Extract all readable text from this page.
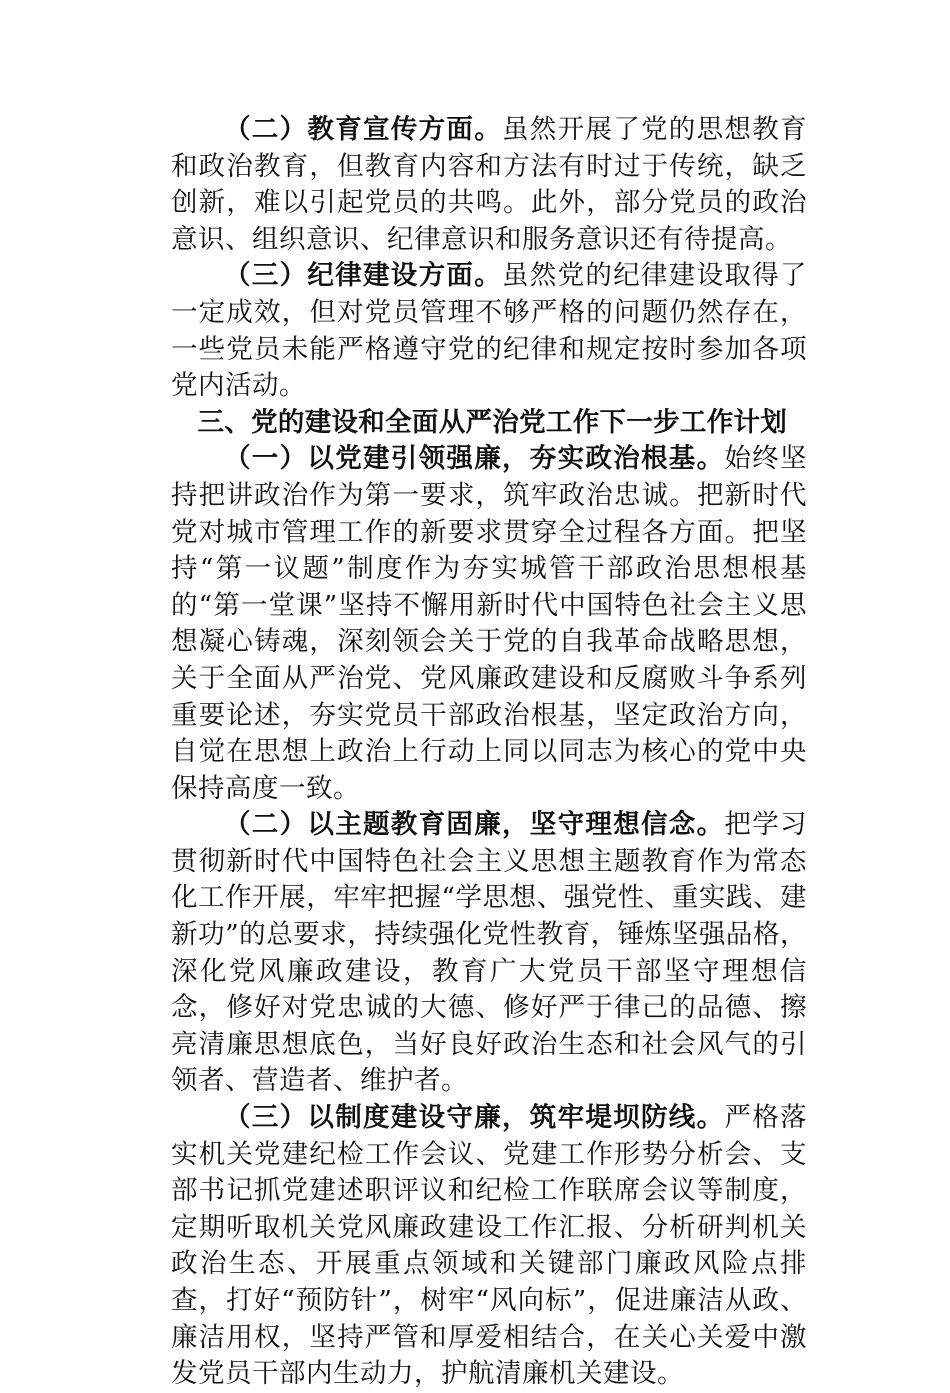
（二）教育宣传方面。虽然开展了党的思想教育和政治教育，但教育内容和方法有时过于传统，缺乏创新，难以引起党员的共鸣。此外，部分党员的政治意识、组织意识、纪律意识和服务意识还有待提高。

（三）纪律建设方面。虽然党的纪律建设取得了一定成效，但对党员管理不够严格的问题仍然存在，一些党员未能严格遵守党的纪律和规定按时参加各项党内活动。

三、党的建设和全面从严治党工作下一步工作计划

（一）以党建引领强廉，夯实政治根基。始终坚持把讲政治作为第一要求，筑牢政治忠诚。把新时代党对城市管理工作的新要求贯穿全过程各方面。把坚持“第一议题”制度作为夯实城管干部政治思想根基的“第一堂课”坚持不懈用新时代中国特色社会主义思想凝心铸魂，深刻领会关于党的自我革命战略思想，关于全面从严治党、党风廉政建设和反腐败斗争系列重要论述，夯实党员干部政治根基，坚定政治方向，自觉在思想上政治上行动上同以同志为核心的党中央保持高度一致。

（二）以主题教育固廉，坚守理想信念。把学习贯彻新时代中国特色社会主义思想主题教育作为常态化工作开展，牢牢把握“学思想、强党性、重实践、建新功”的总要求，持续强化党性教育，锤炼坚强品格，深化党风廉政建设，教育广大党员干部坚守理想信念，修好对党忠诚的大德、修好严于律己的品德、擦亮清廉思想底色，当好良好政治生态和社会风气的引领者、营造者、维护者。

（三）以制度建设守廉，筑牢堤坝防线。严格落实机关党建纪检工作会议、党建工作形势分析会、支部书记抓党建述职评议和纪检工作联席会议等制度，定期听取机关党风廉政建设工作汇报、分析研判机关政治生态、开展重点领域和关键部门廉政风险点排查，打好“预防针”，树牢“风向标”，促进廉洁从政、廉洁用权，坚持严管和厚爱相结合，在关心关爱中激发党员干部内生动力，护航清廉机关建设。
